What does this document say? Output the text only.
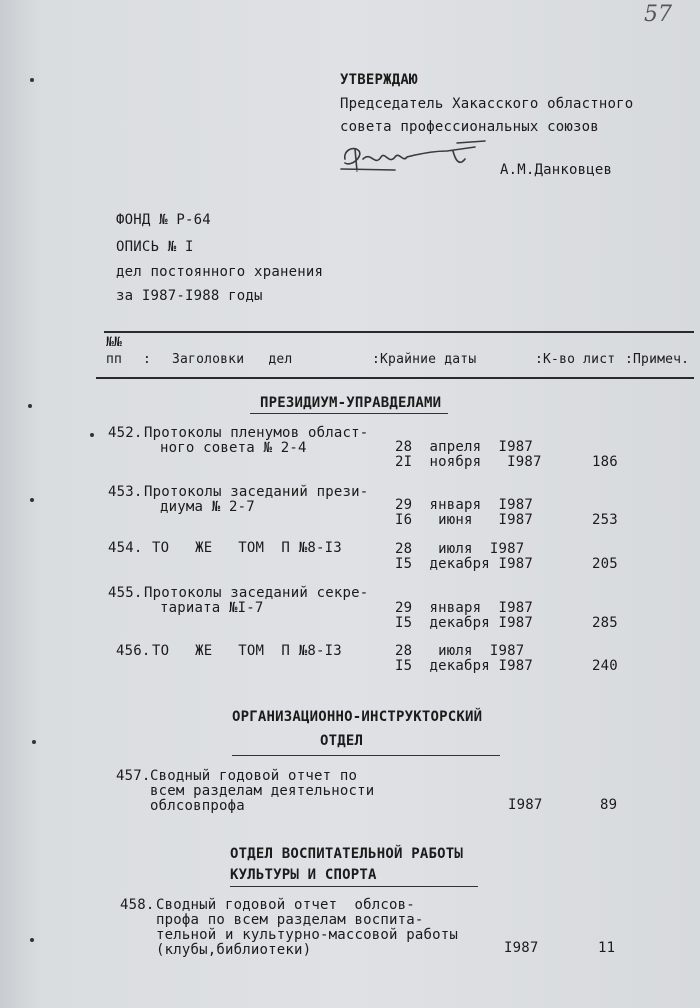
57
УТВЕРЖДАЮ
Председатель Хакасского областного
совета профессиональных союзов
А.М.Данковцев
ФОНД № Р-64
ОПИСЬ № I
дел постоянного хранения
за I987-I988 годы
№№
пп : Заголовки   дел	:Крайние даты	:К-во лист :Примеч.
ПРЕЗИДИУМ-УПРАВДЕЛАМИ
452. Протоколы пленумов област-
ного совета № 2-4	28  апреля  I987
2I  ноября   I987	186
453. Протоколы заседаний прези-
диума № 2-7	29  января  I987
I6   июня   I987	253
454. ТО   ЖЕ   ТОМ  П №8-I3	28   июля  I987
I5  декабря I987	205
455. Протоколы заседаний секре-
тариата №I-7	29  января  I987
I5  декабря I987	285
456. ТО   ЖЕ   ТОМ  П №8-I3	28   июля  I987
I5  декабря I987	240
ОРГАНИЗАЦИОННО-ИНСТРУКТОРСКИЙ
ОТДЕЛ
457. Сводный годовой отчет по
всем разделам деятельности
облсовпрофа	I987	89
ОТДЕЛ ВОСПИТАТЕЛЬНОЙ РАБОТЫ
КУЛЬТУРЫ И СПОРТА
458. Сводный годовой отчет  облсов-
профа по всем разделам воспита-
тельной и культурно-массовой работы
(клубы,библиотеки)	I987	11
